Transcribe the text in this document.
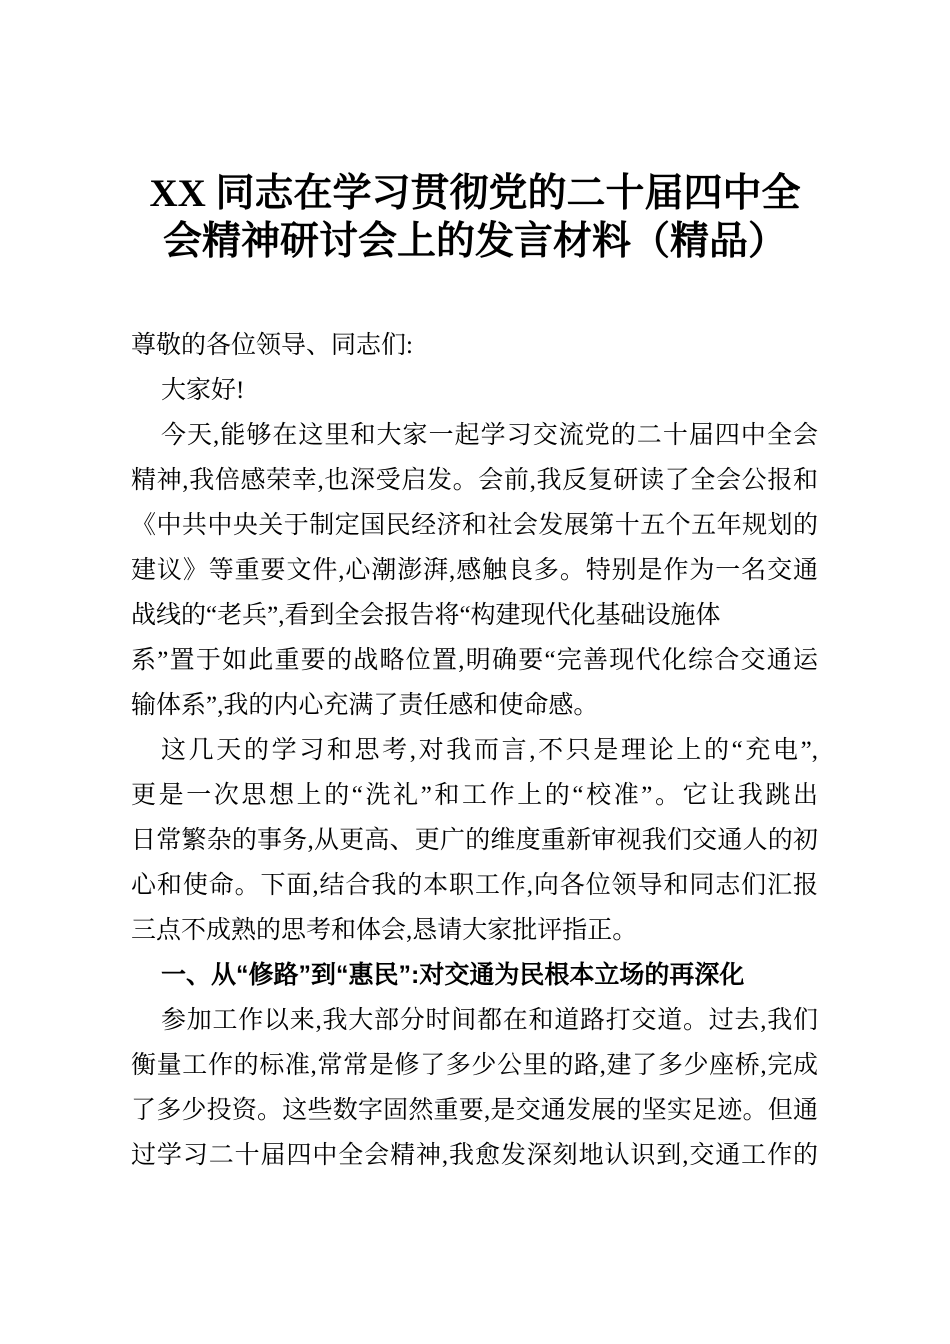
XX 同志在学习贯彻党的二十届四中全
会精神研讨会上的发言材料（精品）
尊敬的各位领导、同志们:
大家好!
今天,能够在这里和大家一起学习交流党的二十届四中全会
精神,我倍感荣幸,也深受启发。会前,我反复研读了全会公报和
《中共中央关于制定国民经济和社会发展第十五个五年规划的
建议》等重要文件,心潮澎湃,感触良多。特别是作为一名交通
战线的“老兵”,看到全会报告将“构建现代化基础设施体
系”置于如此重要的战略位置,明确要“完善现代化综合交通运
输体系”,我的内心充满了责任感和使命感。
这几天的学习和思考,对我而言,不只是理论上的“充电”,
更是一次思想上的“洗礼”和工作上的“校准”。它让我跳出
日常繁杂的事务,从更高、更广的维度重新审视我们交通人的初
心和使命。下面,结合我的本职工作,向各位领导和同志们汇报
三点不成熟的思考和体会,恳请大家批评指正。
一、从“修路”到“惠民”:对交通为民根本立场的再深化
参加工作以来,我大部分时间都在和道路打交道。过去,我们
衡量工作的标准,常常是修了多少公里的路,建了多少座桥,完成
了多少投资。这些数字固然重要,是交通发展的坚实足迹。但通
过学习二十届四中全会精神,我愈发深刻地认识到,交通工作的
